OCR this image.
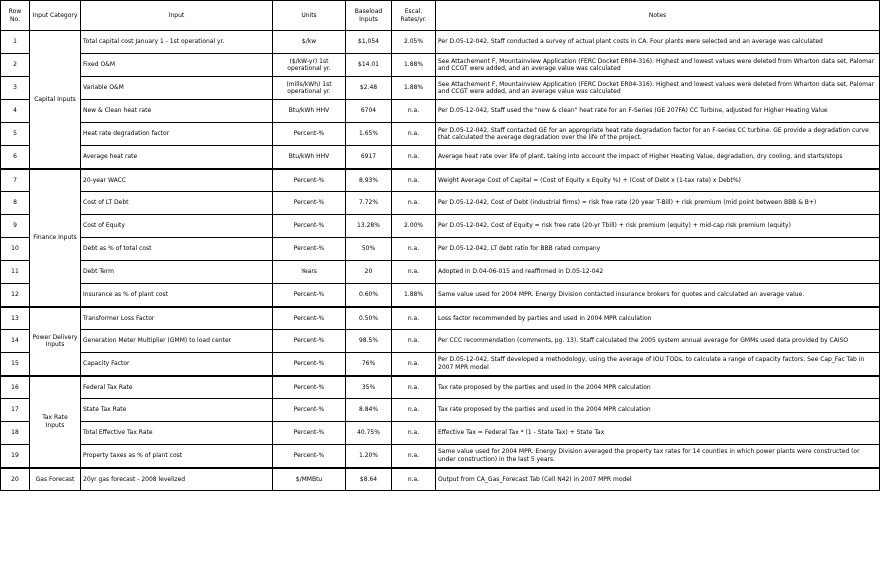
Row No.	Input Category	Input	Units	Baseload Inputs	Escal. Rates/yr.	Notes
1	Capital Inputs	Total capital cost January 1 - 1st operational yr.	$/kw	$1,054	2.05%	Per D.05-12-042, Staff conducted a survey of actual plant costs in CA. Four plants were selected and an average was calculated
2		Fixed O&M	($/kW-yr) 1st operational yr.	$14.01	1.88%	See Attachement F, Mountainview Application (FERC Docket ER04-316). Highest and lowest values were deleted from Wharton data set, Palomar and CCGT were added, and an average value was calculated
3		Variable O&M	(mills/kWh) 1st operational yr.	$2.48	1.88%	See Attachement F, Mountainview Application (FERC Docket ER04-316). Highest and lowest values were deleted from Wharton data set, Palomar and CCGT were added, and an average value was calculated
4		New & Clean heat rate	Btu/kWh HHV	6704	n.a.	Per D.05-12-042, Staff used the "new & clean" heat rate for an F-Series (GE 207FA) CC Turbine, adjusted for Higher Heating Value
5		Heat rate degradation factor	Percent-%	1.65%	n.a.	Per D.05-12-042, Staff contacted GE for an appropriate heat rate degradation factor for an F-series CC turbine. GE provide a degradation curve that calculated the average degradation over the life of the project.
6		Average heat rate	Btu/kWh HHV	6917	n.a.	Average heat rate over life of plant, taking into account the impact of Higher Heating Value, degradation, dry cooling, and starts/stops
7	Finance Inputs	20-year WACC	Percent-%	8.93%	n.a.	Weight Average Cost of Capital = (Cost of Equity x Equity %) + (Cost of Debt x (1-tax rate) x Debt%)
8		Cost of LT Debt	Percent-%	7.72%	n.a.	Per D.05-12-042, Cost of Debt (industrial firms) = risk free rate (20 year T-Bill) + risk premium (mid point between BBB & B+)
9		Cost of Equity	Percent-%	13.28%	2.00%	Per D.05-12-042, Cost of Equity = risk free rate (20-yr Tbill) + risk premium (equity) + mid-cap risk premium (equity)
10		Debt as % of total cost	Percent-%	50%	n.a.	Per D.05-12-042, LT debt ratio for BBB rated company
11		Debt Term	Years	20	n.a.	Adopted in D.04-06-015 and reaffirmed in D.05-12-042
12		Insurance as % of plant cost	Percent-%	0.60%	1.88%	Same value used for 2004 MPR. Energy Division contacted insurance brokers for quotes and calculated an average value.
13	Power Delivery Inputs	Transformer Loss Factor	Percent-%	0.50%	n.a.	Loss factor recommended by parties and used in 2004 MPR calculation
14		Generation Meter Multiplier (GMM) to load center	Percent-%	98.5%	n.a.	Per CCC recommendation (comments, pg. 13), Staff calculated the 2005 system annual average for GMMs used data provided by CAISO
15		Capacity Factor	Percent-%	76%	n.a.	Per D.05-12-042, Staff developed a methodology, using the average of IOU TODs, to calculate a range of capacity factors. See Cap_Fac Tab in 2007 MPR model
16	Tax Rate Inputs	Federal Tax Rate	Percent-%	35%	n.a.	Tax rate proposed by the parties and used in the 2004 MPR calculation
17		State Tax Rate	Percent-%	8.84%	n.a.	Tax rate proposed by the parties and used in the 2004 MPR calculation
18		Total Effective Tax Rate	Percent-%	40.75%	n.a.	Effective Tax = Federal Tax * (1 - State Tax) + State Tax
19		Property taxes as % of plant cost	Percent-%	1.20%	n.a.	Same value used for 2004 MPR. Energy Division averaged the property tax rates for 14 counties in which power plants were constructed (or under construction) in the last 5 years.
20	Gas Forecast	20yr gas forecast - 2008 levelized	$/MMBtu	$8.64	n.a.	Output from CA_Gas_Forecast Tab (Cell N42) in 2007 MPR model
